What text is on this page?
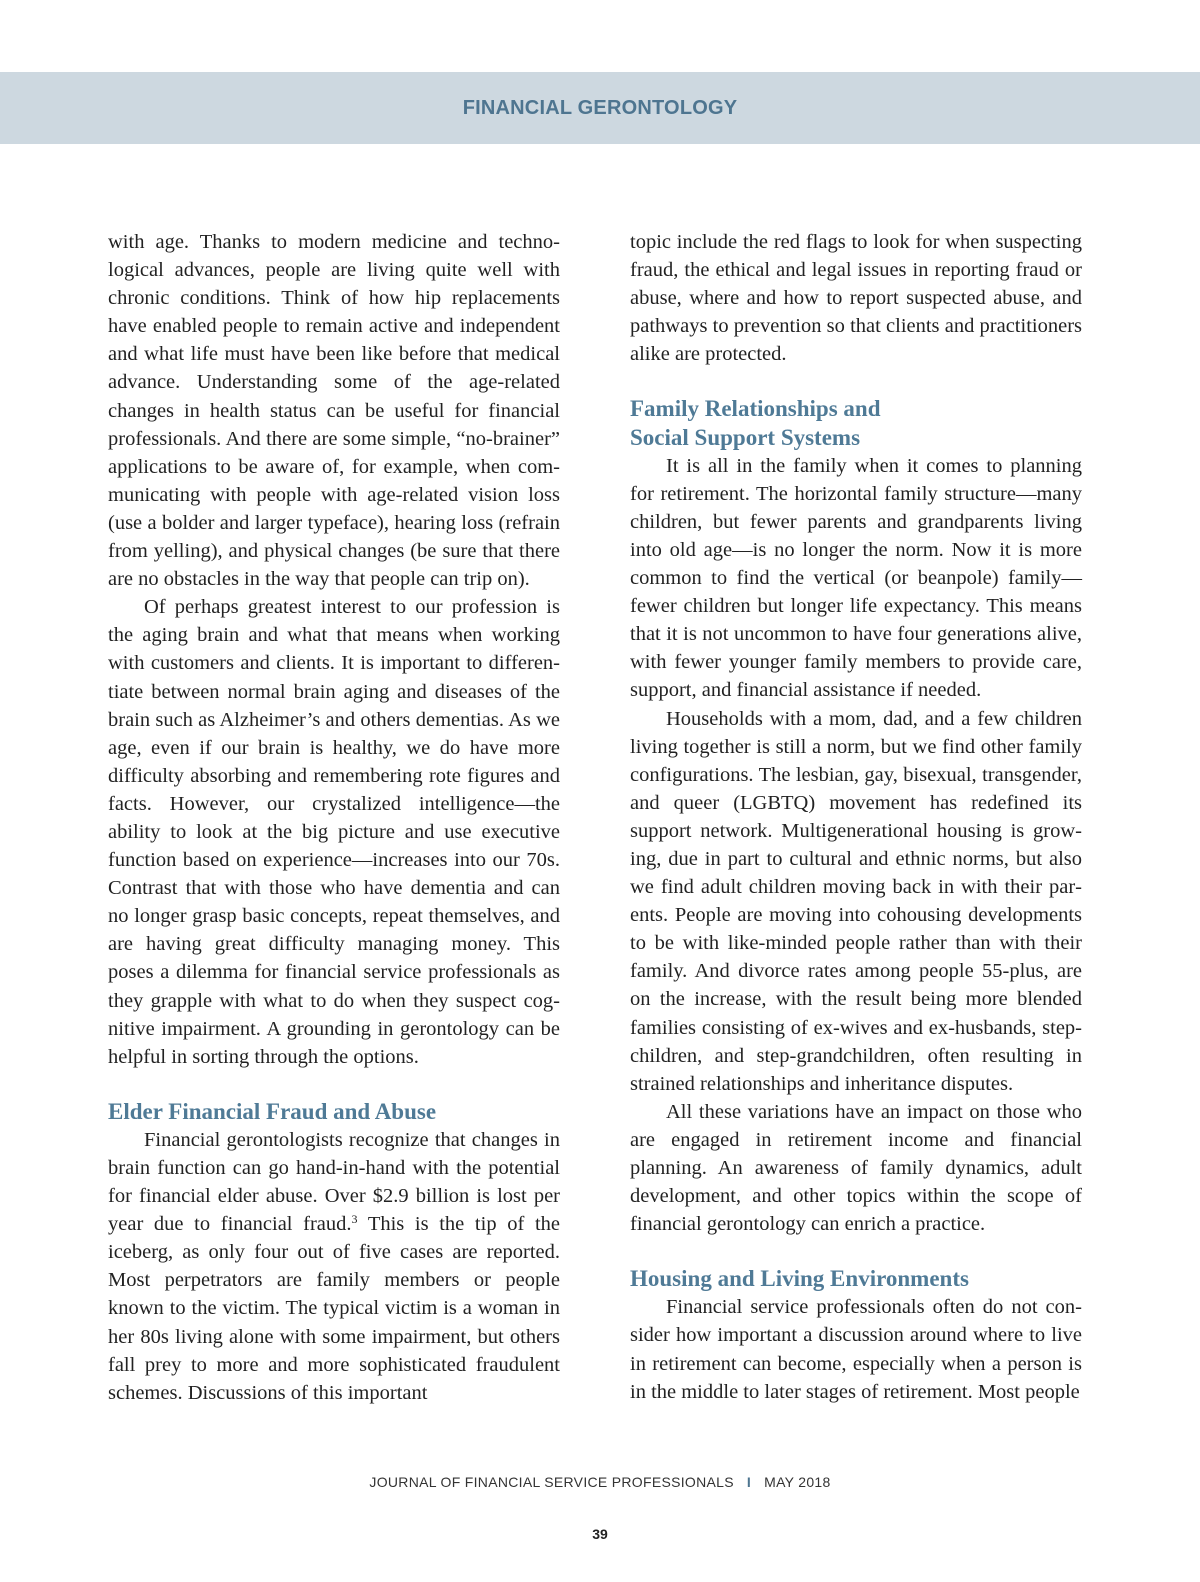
FINANCIAL GERONTOLOGY

with age. Thanks to modern medicine and technological advances, people are living quite well with chronic conditions. Think of how hip replacements have enabled people to remain active and independent and what life must have been like before that medical advance. Understanding some of the age-related changes in health status can be useful for financial professionals. And there are some simple, “no-brainer” applications to be aware of, for example, when communicating with people with age-related vision loss (use a bolder and larger typeface), hearing loss (refrain from yelling), and physical changes (be sure that there are no obstacles in the way that people can trip on).

Of perhaps greatest interest to our profession is the aging brain and what that means when working with customers and clients. It is important to differentiate between normal brain aging and diseases of the brain such as Alzheimer’s and others dementias. As we age, even if our brain is healthy, we do have more difficulty absorbing and remembering rote figures and facts. However, our crystalized intelligence—the ability to look at the big picture and use executive function based on experience—increases into our 70s. Contrast that with those who have dementia and can no longer grasp basic concepts, repeat themselves, and are having great difficulty managing money. This poses a dilemma for financial service professionals as they grapple with what to do when they suspect cognitive impairment. A grounding in gerontology can be helpful in sorting through the options.

Elder Financial Fraud and Abuse

Financial gerontologists recognize that changes in brain function can go hand-in-hand with the potential for financial elder abuse. Over $2.9 billion is lost per year due to financial fraud.$^3$ This is the tip of the iceberg, as only four out of five cases are reported. Most perpetrators are family members or people known to the victim. The typical victim is a woman in her 80s living alone with some impairment, but others fall prey to more and more sophisticated fraudulent schemes. Discussions of this important

topic include the red flags to look for when suspecting fraud, the ethical and legal issues in reporting fraud or abuse, where and how to report suspected abuse, and pathways to prevention so that clients and practitioners alike are protected.

Family Relationships and
Social Support Systems

It is all in the family when it comes to planning for retirement. The horizontal family structure—many children, but fewer parents and grandparents living into old age—is no longer the norm. Now it is more common to find the vertical (or beanpole) family—fewer children but longer life expectancy. This means that it is not uncommon to have four generations alive, with fewer younger family members to provide care, support, and financial assistance if needed.

Households with a mom, dad, and a few children living together is still a norm, but we find other family configurations. The lesbian, gay, bisexual, transgender, and queer (LGBTQ) movement has redefined its support network. Multigenerational housing is growing, due in part to cultural and ethnic norms, but also we find adult children moving back in with their parents. People are moving into cohousing developments to be with like-minded people rather than with their family. And divorce rates among people 55-plus, are on the increase, with the result being more blended families consisting of ex-wives and ex-husbands, stepchildren, and step-grandchildren, often resulting in strained relationships and inheritance disputes.

All these variations have an impact on those who are engaged in retirement income and financial planning. An awareness of family dynamics, adult development, and other topics within the scope of financial gerontology can enrich a practice.

Housing and Living Environments

Financial service professionals often do not consider how important a discussion around where to live in retirement can become, especially when a person is in the middle to later stages of retirement. Most people

JOURNAL OF FINANCIAL SERVICE PROFESSIONALS I MAY 2018
39
